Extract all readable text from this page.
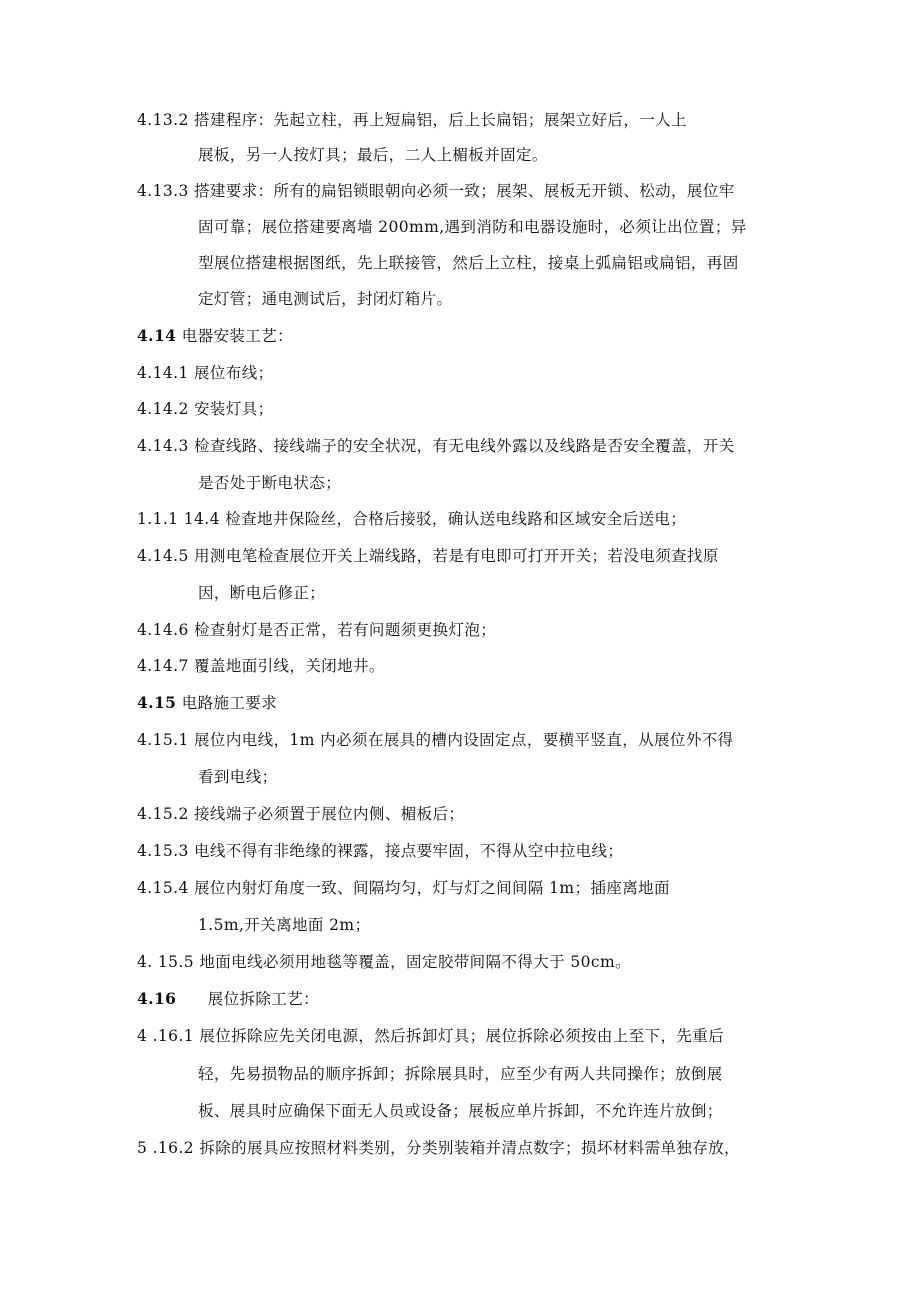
4.13.2 搭建程序：先起立柱，再上短扁铝，后上长扁铝；展架立好后，一人上
展板，另一人按灯具；最后，二人上楣板并固定。
4.13.3 搭建要求：所有的扁铝锁眼朝向必须一致；展架、展板无开锁、松动，展位牢
固可靠；展位搭建要离墙 200mm,遇到消防和电器设施时，必须让出位置；异
型展位搭建根据图纸，先上联接管，然后上立柱，接桌上弧扁铝或扁铝，再固
定灯管；通电测试后，封闭灯箱片。
4.14 电器安装工艺：
4.14.1 展位布线；
4.14.2 安装灯具；
4.14.3 检查线路、接线端子的安全状况，有无电线外露以及线路是否安全覆盖，开关
是否处于断电状态；
1.1.1 14.4 检查地井保险丝，合格后接驳，确认送电线路和区域安全后送电；
4.14.5 用测电笔检查展位开关上端线路，若是有电即可打开开关；若没电须查找原
因，断电后修正；
4.14.6 检查射灯是否正常，若有问题须更换灯泡；
4.14.7 覆盖地面引线，关闭地井。
4.15 电路施工要求
4.15.1 展位内电线，1m 内必须在展具的槽内设固定点，要横平竖直，从展位外不得
看到电线；
4.15.2 接线端子必须置于展位内侧、楣板后；
4.15.3 电线不得有非绝缘的裸露，接点要牢固，不得从空中拉电线；
4.15.4 展位内射灯角度一致、间隔均匀，灯与灯之间间隔 1m；插座离地面
1.5m,开关离地面 2m；
4. 15.5 地面电线必须用地毯等覆盖，固定胶带间隔不得大于 50cm。
4.16 展位拆除工艺：
4 .16.1 展位拆除应先关闭电源，然后拆卸灯具；展位拆除必须按由上至下，先重后
轻，先易损物品的顺序拆卸；拆除展具时，应至少有两人共同操作；放倒展
板、展具时应确保下面无人员或设备；展板应单片拆卸，不允许连片放倒；
5 .16.2 拆除的展具应按照材料类别，分类别装箱并清点数字；损坏材料需单独存放，
